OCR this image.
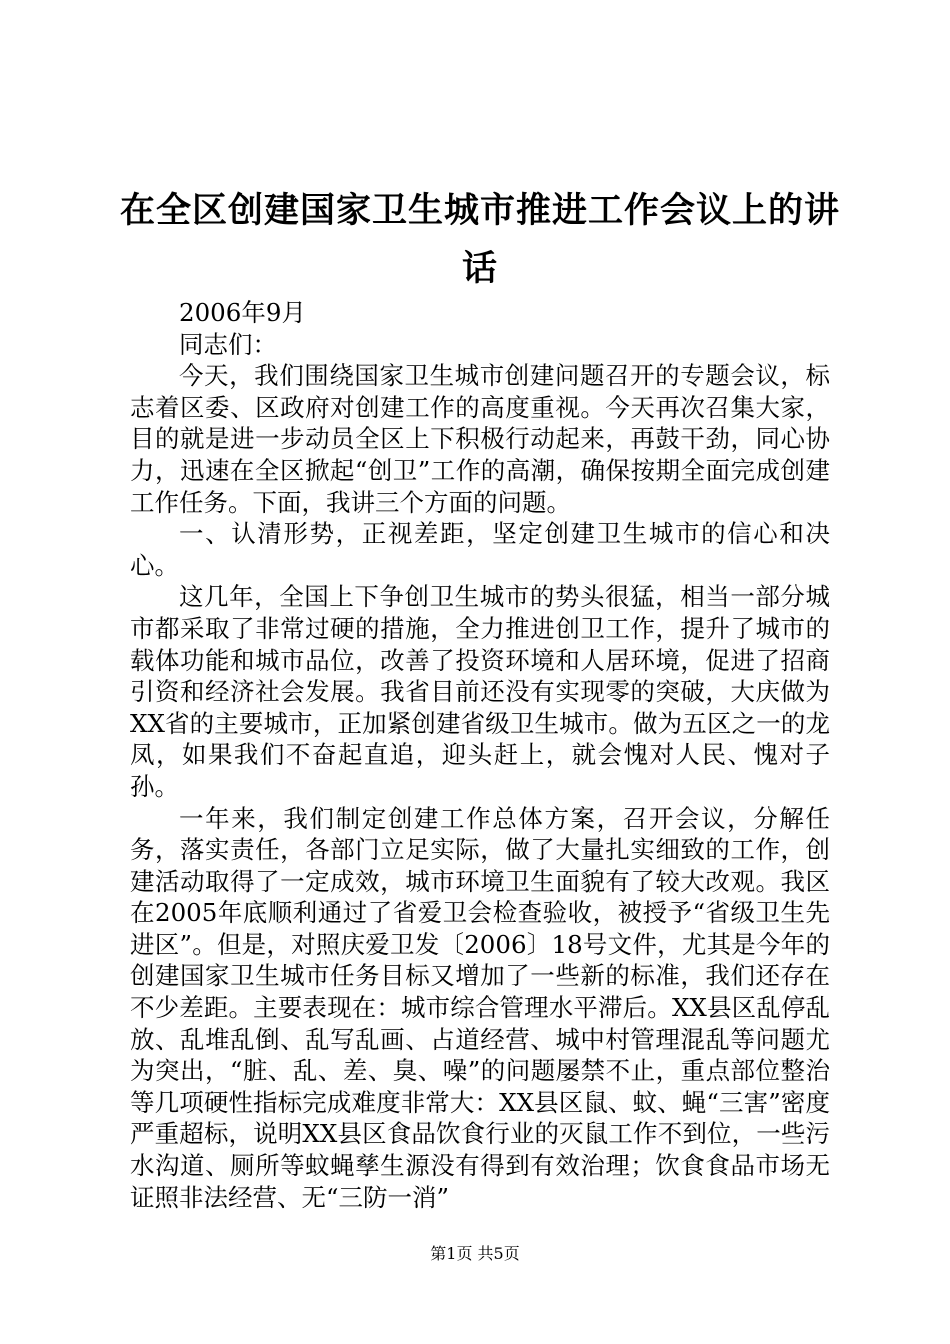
在全区创建国家卫生城市推进工作会议上的讲话

2006年9月

同志们：

今天，我们围绕国家卫生城市创建问题召开的专题会议，标志着区委、区政府对创建工作的高度重视。今天再次召集大家，目的就是进一步动员全区上下积极行动起来，再鼓干劲，同心协力，迅速在全区掀起“创卫”工作的高潮，确保按期全面完成创建工作任务。下面，我讲三个方面的问题。

一、认清形势，正视差距，坚定创建卫生城市的信心和决心。

这几年，全国上下争创卫生城市的势头很猛，相当一部分城市都采取了非常过硬的措施，全力推进创卫工作，提升了城市的载体功能和城市品位，改善了投资环境和人居环境，促进了招商引资和经济社会发展。我省目前还没有实现零的突破，大庆做为XX省的主要城市，正加紧创建省级卫生城市。做为五区之一的龙凤，如果我们不奋起直追，迎头赶上，就会愧对人民、愧对子孙。

一年来，我们制定创建工作总体方案，召开会议，分解任务，落实责任，各部门立足实际，做了大量扎实细致的工作，创建活动取得了一定成效，城市环境卫生面貌有了较大改观。我区在2005年底顺利通过了省爱卫会检查验收，被授予“省级卫生先进区”。但是，对照庆爱卫发〔2006〕18号文件，尤其是今年的创建国家卫生城市任务目标又增加了一些新的标准，我们还存在不少差距。主要表现在：城市综合管理水平滞后。XX县区乱停乱放、乱堆乱倒、乱写乱画、占道经营、城中村管理混乱等问题尤为突出，“脏、乱、差、臭、噪”的问题屡禁不止，重点部位整治等几项硬性指标完成难度非常大：XX县区鼠、蚊、蝇“三害”密度严重超标，说明XX县区食品饮食行业的灭鼠工作不到位，一些污水沟道、厕所等蚊蝇孳生源没有得到有效治理；饮食食品市场无证照非法经营、无“三防一消”

第1页 共5页
